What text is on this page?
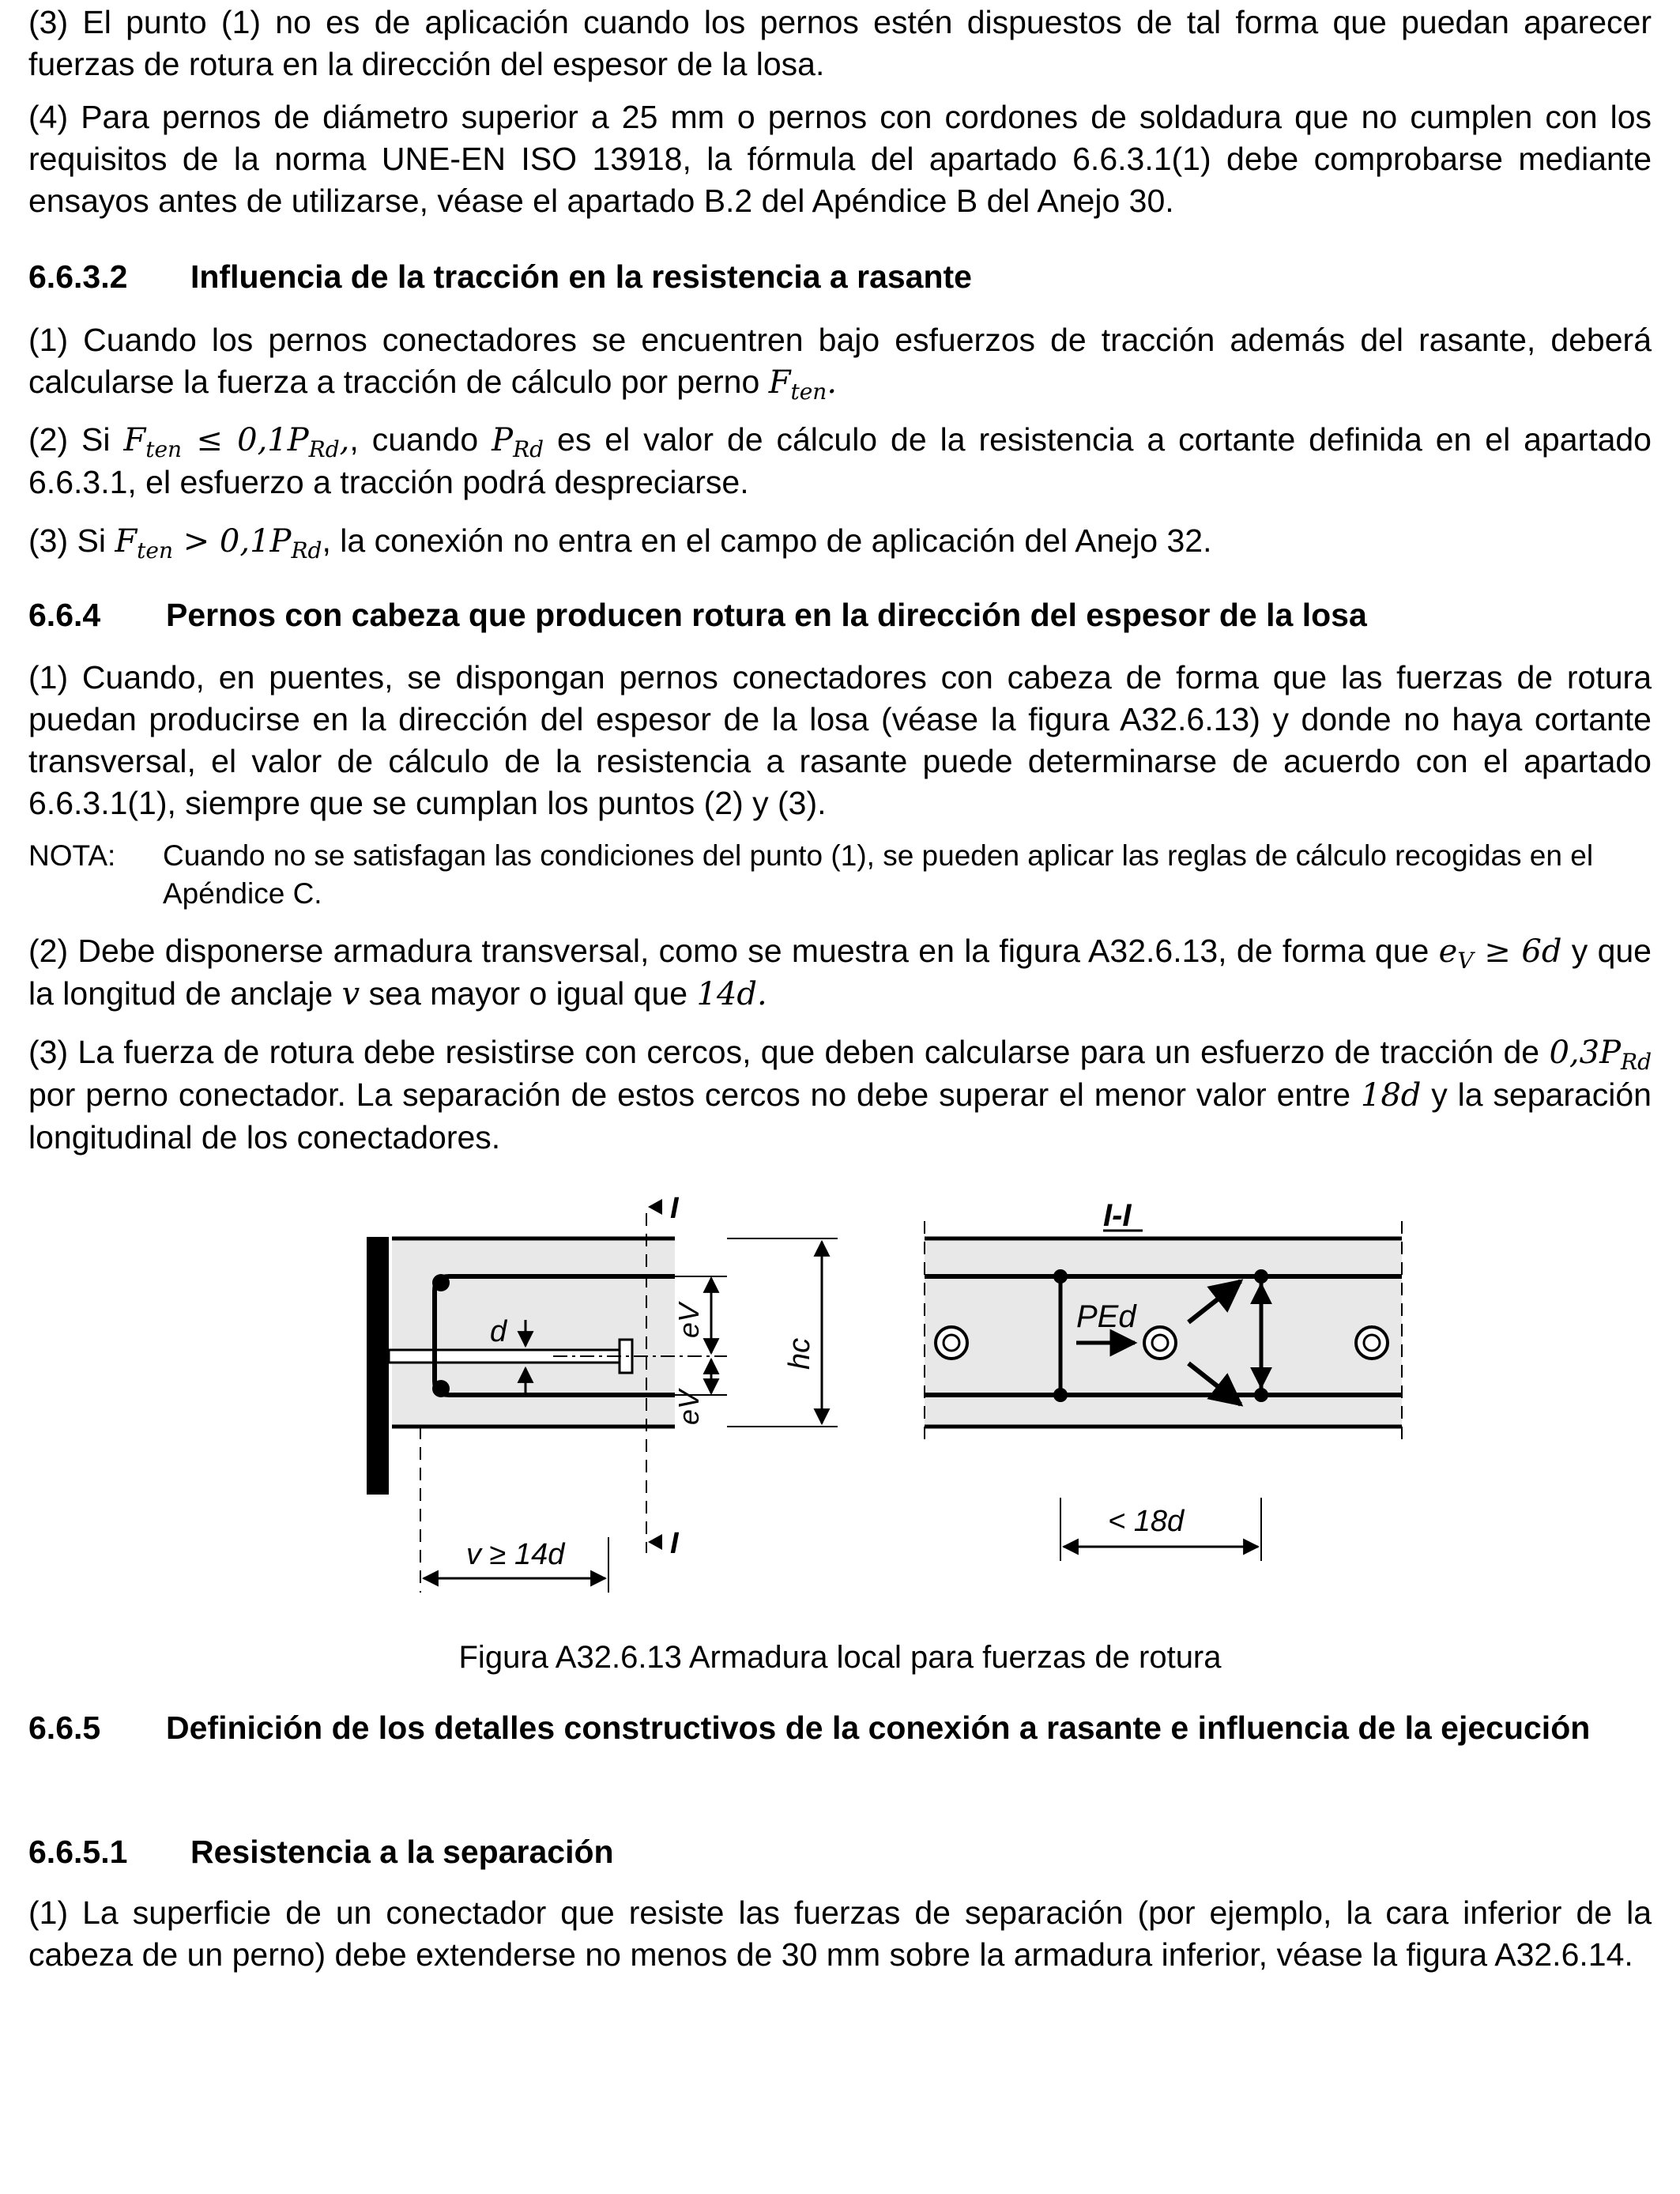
(3) El punto (1) no es de aplicación cuando los pernos estén dispuestos de tal forma que puedan aparecer fuerzas de rotura en la dirección del espesor de la losa.

(4) Para pernos de diámetro superior a 25 mm o pernos con cordones de soldadura que no cumplen con los requisitos de la norma UNE-EN ISO 13918, la fórmula del apartado 6.6.3.1(1) debe comprobarse mediante ensayos antes de utilizarse, véase el apartado B.2 del Apéndice B del Anejo 30.

6.6.3.2 Influencia de la tracción en la resistencia a rasante

(1) Cuando los pernos conectadores se encuentren bajo esfuerzos de tracción además del rasante, deberá calcularse la fuerza a tracción de cálculo por perno $F_{ten}$.

(2) Si $F_{ten} \le 0,1P_{Rd}$,, cuando $P_{Rd}$ es el valor de cálculo de la resistencia a cortante definida en el apartado 6.6.3.1, el esfuerzo a tracción podrá despreciarse.

(3) Si $F_{ten} > 0,1P_{Rd}$, la conexión no entra en el campo de aplicación del Anejo 32.

6.6.4 Pernos con cabeza que producen rotura en la dirección del espesor de la losa

(1) Cuando, en puentes, se dispongan pernos conectadores con cabeza de forma que las fuerzas de rotura puedan producirse en la dirección del espesor de la losa (véase la figura A32.6.13) y donde no haya cortante transversal, el valor de cálculo de la resistencia a rasante puede determinarse de acuerdo con el apartado 6.6.3.1(1), siempre que se cumplan los puntos (2) y (3).

NOTA: Cuando no se satisfagan las condiciones del punto (1), se pueden aplicar las reglas de cálculo recogidas en el Apéndice C.

(2) Debe disponerse armadura transversal, como se muestra en la figura A32.6.13, de forma que $e_V \ge 6d$ y que la longitud de anclaje v sea mayor o igual que 14d.

(3) La fuerza de rotura debe resistirse con cercos, que deben calcularse para un esfuerzo de tracción de $0,3P_{Rd}$ por perno conectador. La separación de estos cercos no debe superar el menor valor entre 18d y la separación longitudinal de los conectadores.

d
I
I
eV
eV
hc
v ≥ 14d
I-I
PEd
< 18d
Figura A32.6.13 Armadura local para fuerzas de rotura
6.6.5 Definición de los detalles constructivos de la conexión a rasante e influencia de la ejecución
6.6.5.1 Resistencia a la separación

(1) La superficie de un conectador que resiste las fuerzas de separación (por ejemplo, la cara inferior de la cabeza de un perno) debe extenderse no menos de 30 mm sobre la armadura inferior, véase la figura A32.6.14.
